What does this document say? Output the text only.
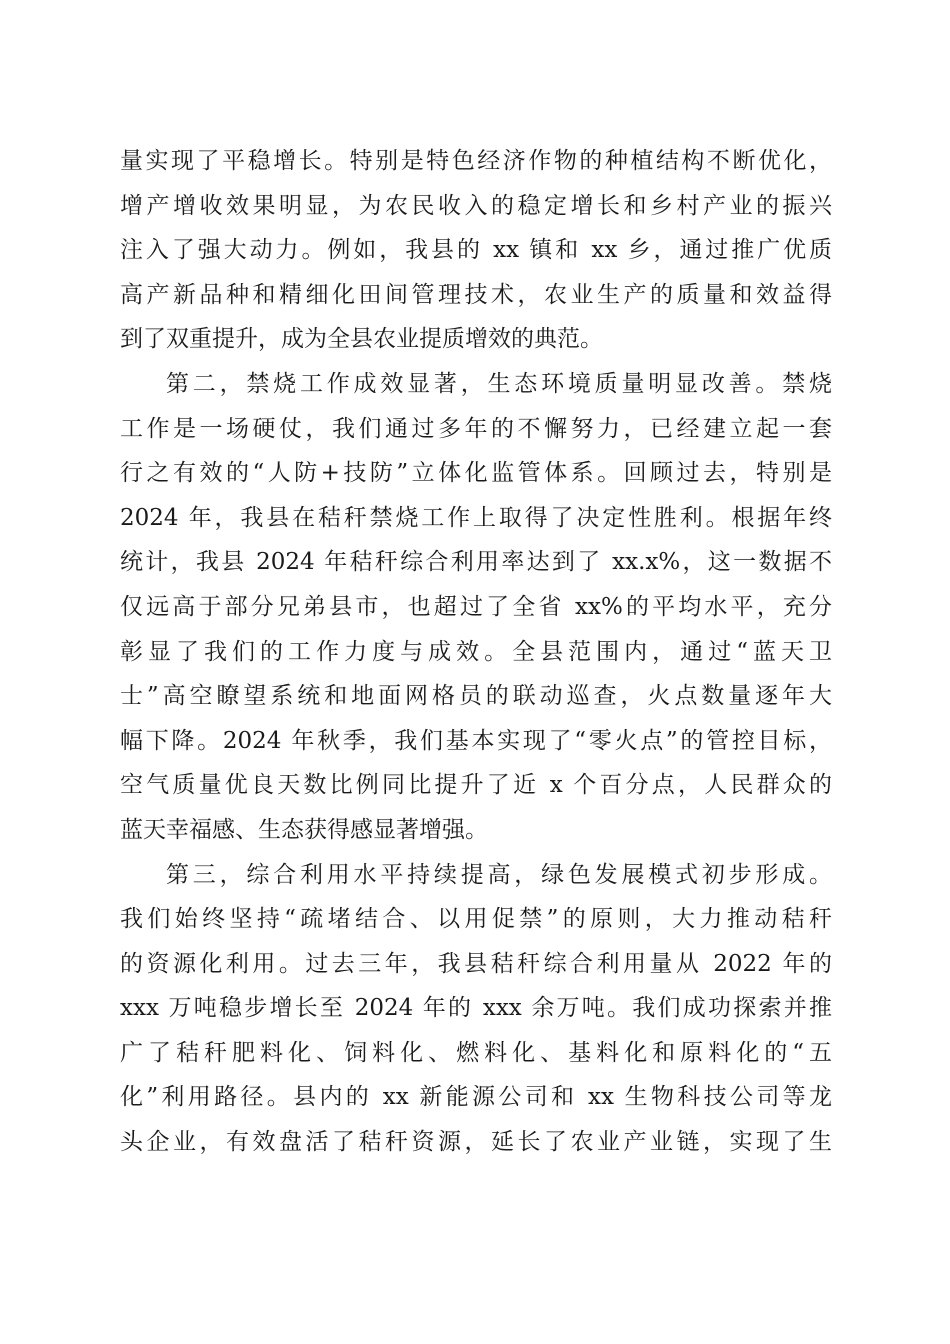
量实现了平稳增长。特别是特色经济作物的种植结构不断优化，
增产增收效果明显，为农民收入的稳定增长和乡村产业的振兴
注入了强大动力。例如，我县的 xx 镇和 xx 乡，通过推广优质
高产新品种和精细化田间管理技术，农业生产的质量和效益得
到了双重提升，成为全县农业提质增效的典范。
第二，禁烧工作成效显著，生态环境质量明显改善。禁烧
工作是一场硬仗，我们通过多年的不懈努力，已经建立起一套
行之有效的“人防+技防”立体化监管体系。回顾过去，特别是
2024 年，我县在秸秆禁烧工作上取得了决定性胜利。根据年终
统计，我县 2024 年秸秆综合利用率达到了 xx.x%，这一数据不
仅远高于部分兄弟县市，也超过了全省 xx%的平均水平，充分
彰显了我们的工作力度与成效。全县范围内，通过“蓝天卫
士”高空瞭望系统和地面网格员的联动巡查，火点数量逐年大
幅下降。2024 年秋季，我们基本实现了“零火点”的管控目标，
空气质量优良天数比例同比提升了近 x 个百分点，人民群众的
蓝天幸福感、生态获得感显著增强。
第三，综合利用水平持续提高，绿色发展模式初步形成。
我们始终坚持“疏堵结合、以用促禁”的原则，大力推动秸秆
的资源化利用。过去三年，我县秸秆综合利用量从 2022 年的
xxx 万吨稳步增长至 2024 年的 xxx 余万吨。我们成功探索并推
广了秸秆肥料化、饲料化、燃料化、基料化和原料化的“五
化”利用路径。县内的 xx 新能源公司和 xx 生物科技公司等龙
头企业，有效盘活了秸秆资源，延长了农业产业链，实现了生
